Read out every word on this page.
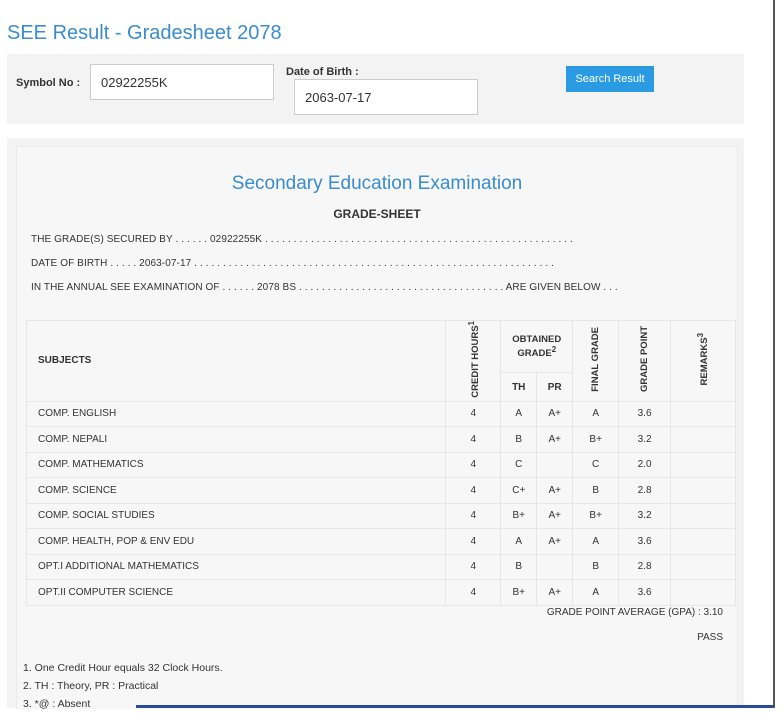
SEE Result - Gradesheet 2078
Symbol No :
02922255K
Date of Birth :
2063-07-17
Search Result
Secondary Education Examination
GRADE-SHEET
THE GRADE(S) SECURED BY . . . . . . 02922255K . . . . . . . . . . . . . . . . . . . . . . . . . . . . . . . . . . . . . . . . . . . . . . . . . . . . . .
DATE OF BIRTH . . . . . 2063-07-17 . . . . . . . . . . . . . . . . . . . . . . . . . . . . . . . . . . . . . . . . . . . . . . . . . . . . . . . . . . . . . . .
IN THE ANNUAL SEE EXAMINATION OF . . . . . . 2078 BS . . . . . . . . . . . . . . . . . . . . . . . . . . . . . . . . . . . . ARE GIVEN BELOW . . .
SUBJECTS	CREDIT HOURS$^1$	OBTAINED GRADE$^2$		FINAL GRADE	GRADE POINT	REMARKS$^3$
		TH	PR			
COMP. ENGLISH	4	A	A+	A	3.6	
COMP. NEPALI	4	B	A+	B+	3.2	
COMP. MATHEMATICS	4	C		C	2.0	
COMP. SCIENCE	4	C+	A+	B	2.8	
COMP. SOCIAL STUDIES	4	B+	A+	B+	3.2	
COMP. HEALTH, POP & ENV EDU	4	A	A+	A	3.6	
OPT.I ADDITIONAL MATHEMATICS	4	B		B	2.8	
OPT.II COMPUTER SCIENCE	4	B+	A+	A	3.6	
GRADE POINT AVERAGE (GPA) : 3.10
PASS
1. One Credit Hour equals 32 Clock Hours.
2. TH : Theory, PR : Practical
3. *@ : Absent
